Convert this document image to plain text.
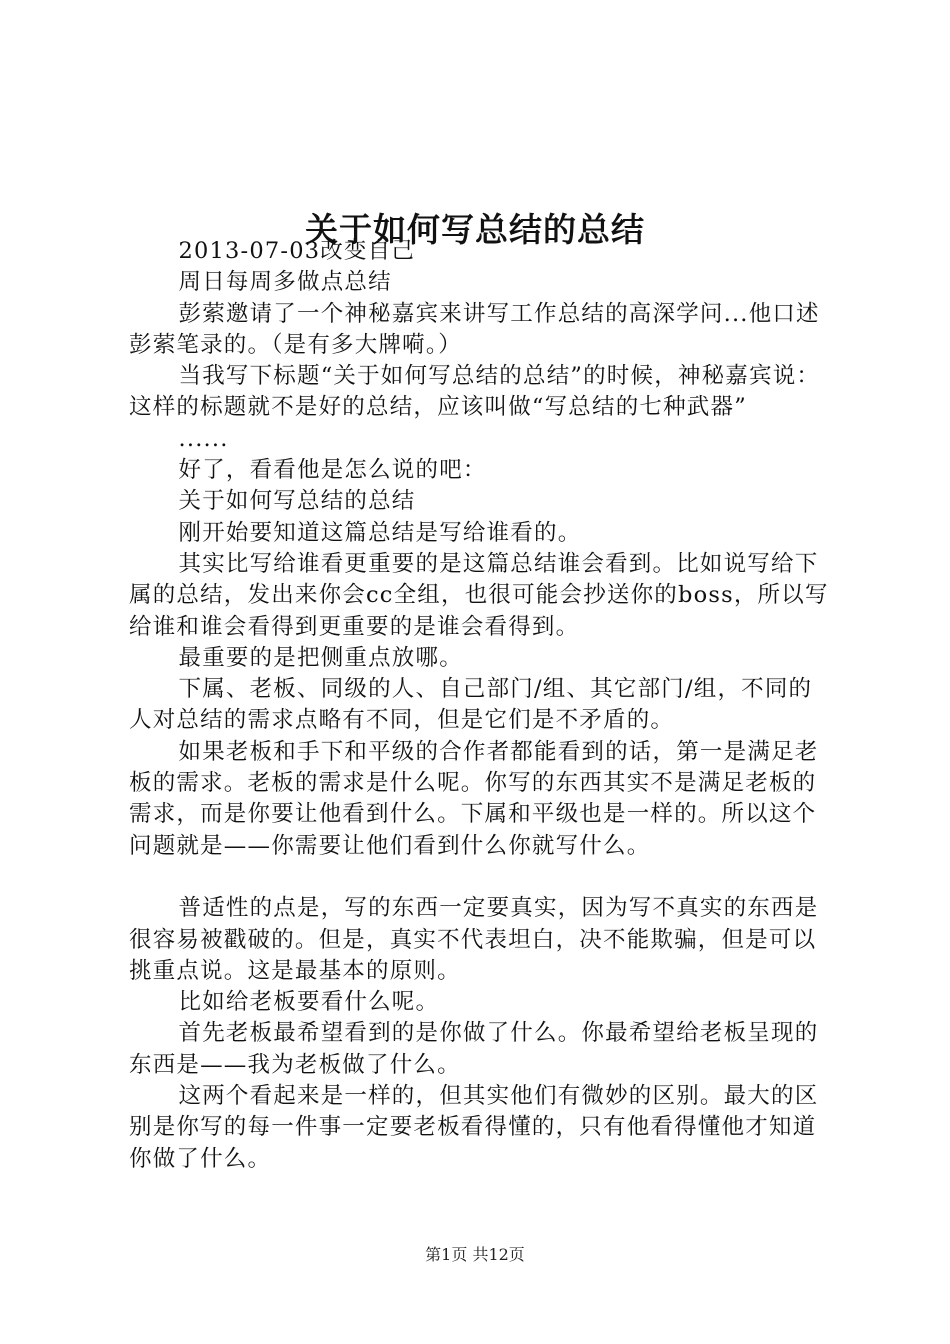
关于如何写总结的总结

2013-07-03改变自己

周日每周多做点总结

彭萦邀请了一个神秘嘉宾来讲写工作总结的高深学问...他口述彭萦笔录的。（是有多大牌嗬。）

当我写下标题“关于如何写总结的总结”的时候，神秘嘉宾说：这样的标题就不是好的总结，应该叫做“写总结的七种武器”

......

好了，看看他是怎么说的吧：

关于如何写总结的总结

刚开始要知道这篇总结是写给谁看的。

其实比写给谁看更重要的是这篇总结谁会看到。比如说写给下属的总结，发出来你会cc全组，也很可能会抄送你的boss，所以写给谁和谁会看得到更重要的是谁会看得到。

最重要的是把侧重点放哪。

下属、老板、同级的人、自己部门/组、其它部门/组，不同的人对总结的需求点略有不同，但是它们是不矛盾的。

如果老板和手下和平级的合作者都能看到的话，第一是满足老板的需求。老板的需求是什么呢。你写的东西其实不是满足老板的需求，而是你要让他看到什么。下属和平级也是一样的。所以这个问题就是——你需要让他们看到什么你就写什么。

普适性的点是，写的东西一定要真实，因为写不真实的东西是很容易被戳破的。但是，真实不代表坦白，决不能欺骗，但是可以挑重点说。这是最基本的原则。

比如给老板要看什么呢。

首先老板最希望看到的是你做了什么。你最希望给老板呈现的东西是——我为老板做了什么。

这两个看起来是一样的，但其实他们有微妙的区别。最大的区别是你写的每一件事一定要老板看得懂的，只有他看得懂他才知道你做了什么。

第1页 共12页
